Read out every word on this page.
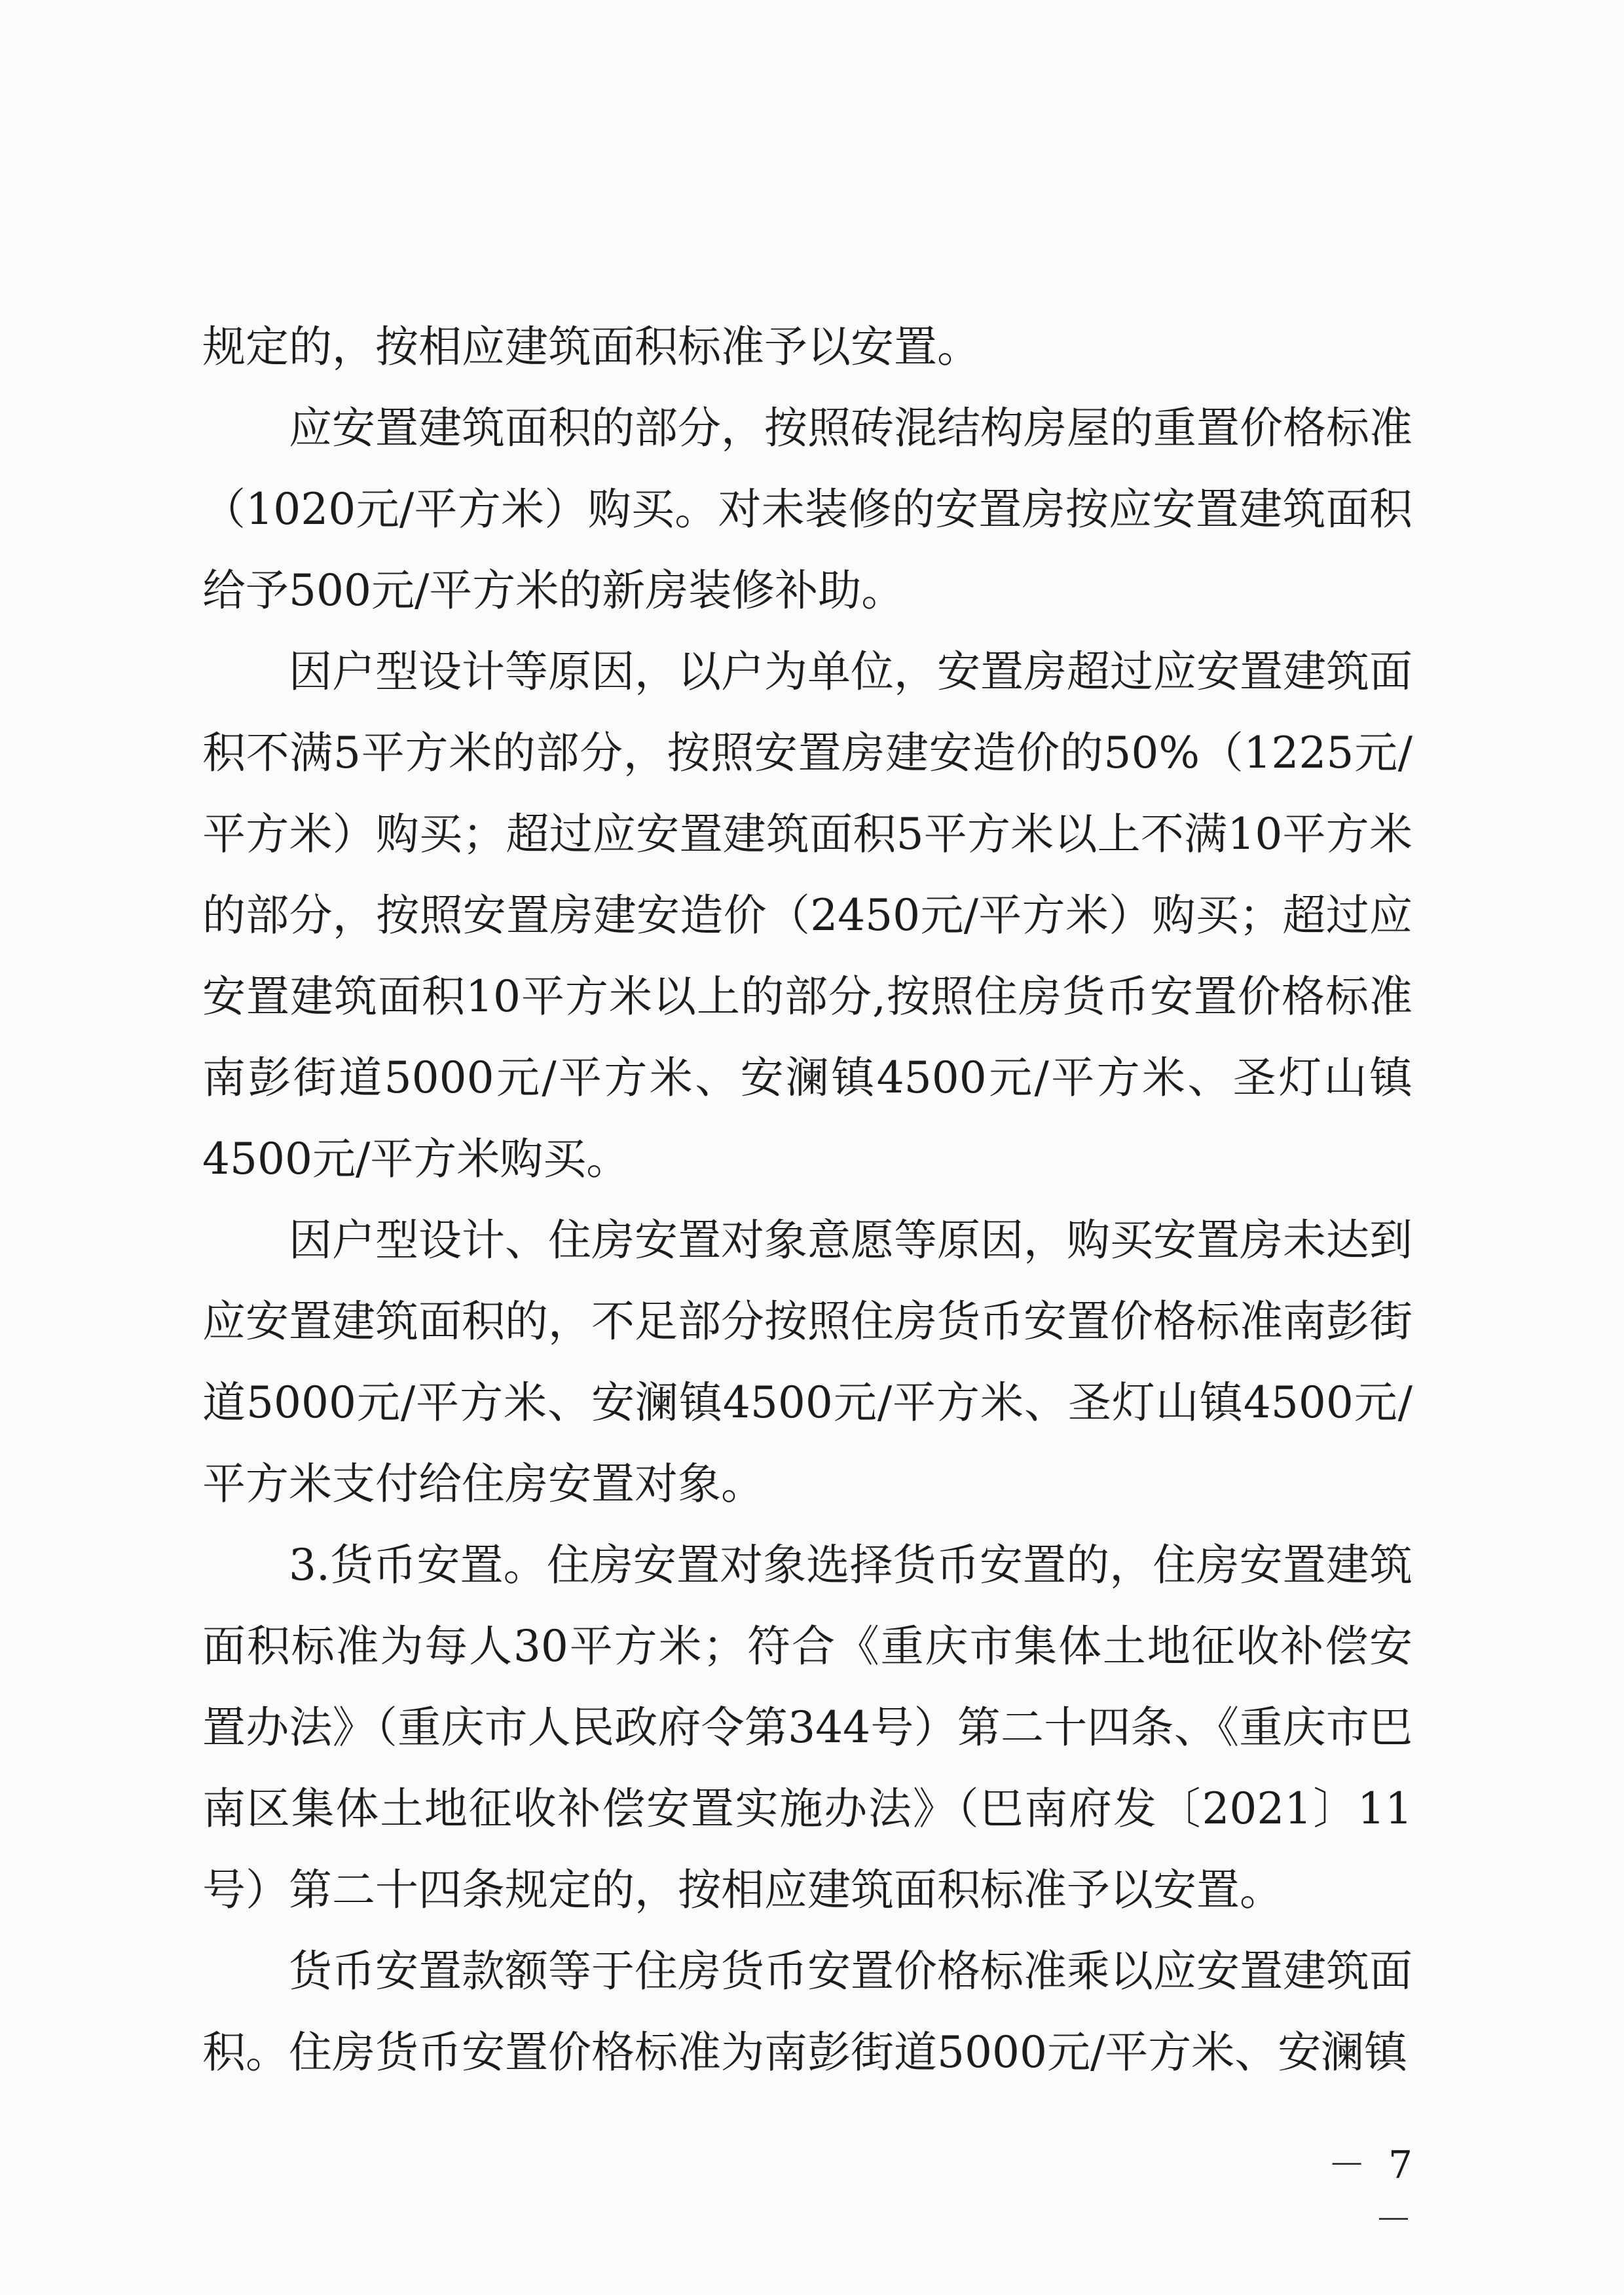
规定的，按相应建筑面积标准予以安置。

应安置建筑面积的部分，按照砖混结构房屋的重置价格标准（1020元/平方米）购买。对未装修的安置房按应安置建筑面积给予500元/平方米的新房装修补助。

因户型设计等原因，以户为单位，安置房超过应安置建筑面积不满5平方米的部分，按照安置房建安造价的50%（1225元/平方米）购买；超过应安置建筑面积5平方米以上不满10平方米的部分，按照安置房建安造价（2450元/平方米）购买；超过应安置建筑面积10平方米以上的部分,按照住房货币安置价格标准南彭街道5000元/平方米、安澜镇4500元/平方米、圣灯山镇4500元/平方米购买。

因户型设计、住房安置对象意愿等原因，购买安置房未达到应安置建筑面积的，不足部分按照住房货币安置价格标准南彭街道5000元/平方米、安澜镇4500元/平方米、圣灯山镇4500元/平方米支付给住房安置对象。

3.货币安置。住房安置对象选择货币安置的，住房安置建筑面积标准为每人30平方米；符合《重庆市集体土地征收补偿安置办法》（重庆市人民政府令第344号）第二十四条、《重庆市巴南区集体土地征收补偿安置实施办法》（巴南府发〔2021〕11号）第二十四条规定的，按相应建筑面积标准予以安置。

货币安置款额等于住房货币安置价格标准乘以应安置建筑面积。住房货币安置价格标准为南彭街道5000元/平方米、安澜镇

－ 7 －
